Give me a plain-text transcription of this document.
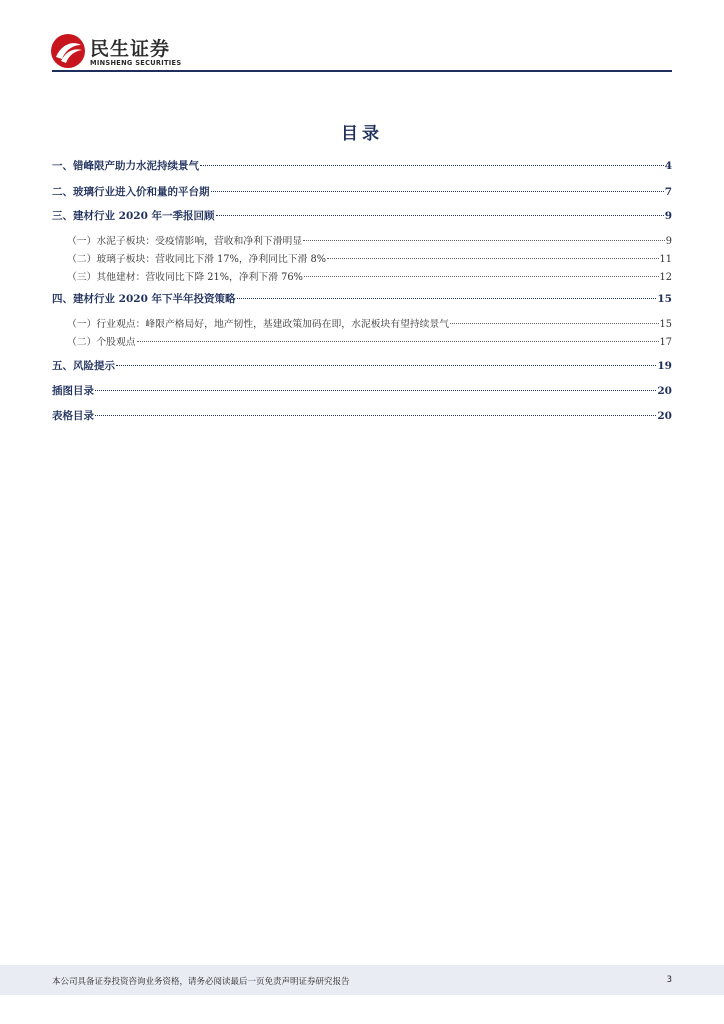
民生证券
MINSHENG SECURITIES
目录
一、错峰限产助力水泥持续景气	4
二、玻璃行业进入价和量的平台期	7
三、建材行业 2020 年一季报回顾	9
（一）水泥子板块：受疫情影响，营收和净利下滑明显	9
（二）玻璃子板块：营收同比下滑 17%，净利同比下滑 8%	11
（三）其他建材：营收同比下降 21%，净利下滑 76%	12
四、建材行业 2020 年下半年投资策略	15
（一）行业观点：峰限产格局好，地产韧性，基建政策加码在即，水泥板块有望持续景气	15
（二）个股观点	17
五、风险提示	19
插图目录	20
表格目录	20
本公司具备证券投资咨询业务资格，请务必阅读最后一页免责声明证券研究报告	3
